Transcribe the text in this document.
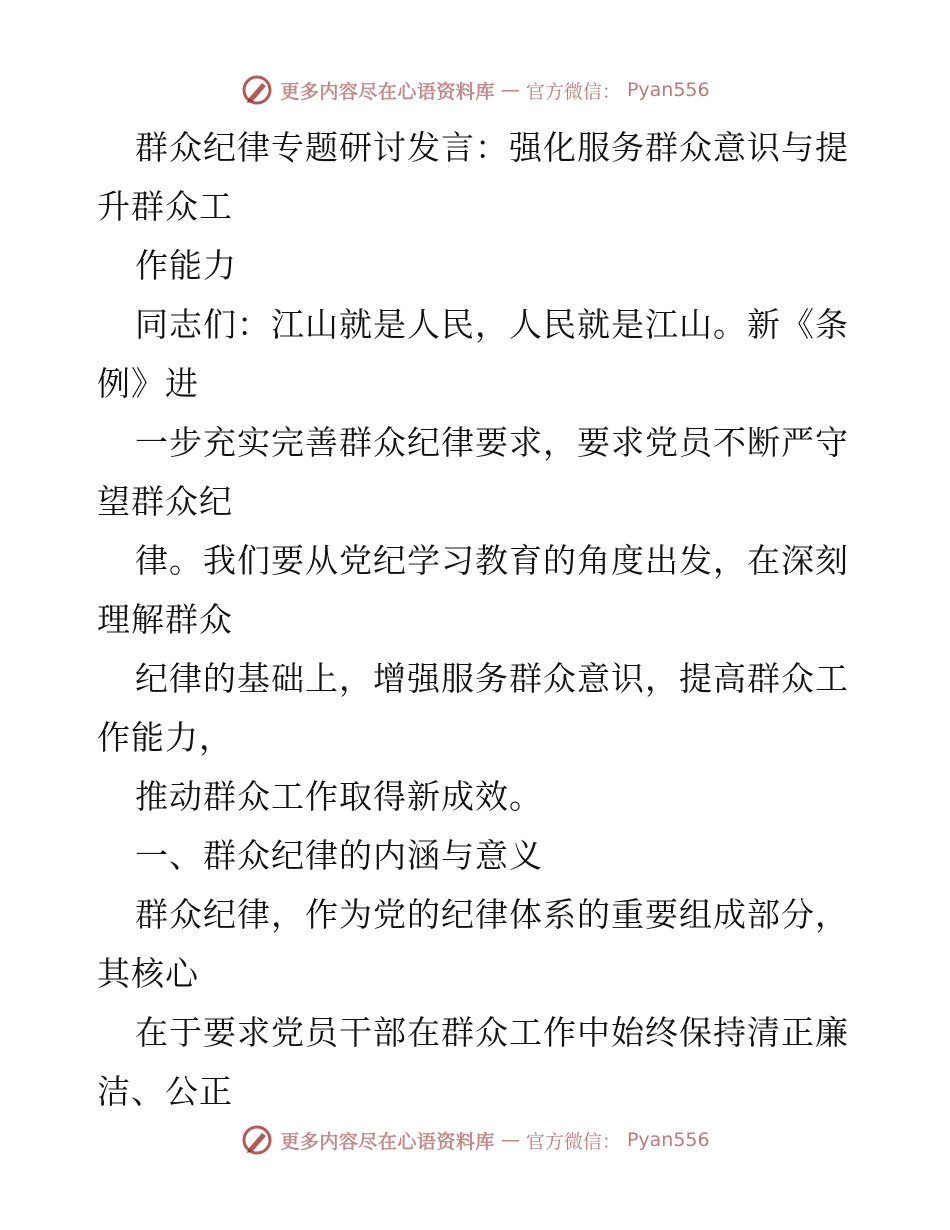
更多内容尽在心语资料库 — 官方微信： Pyan556
群众纪律专题研讨发言：强化服务群众意识与提
升群众工
作能力
同志们：江山就是人民，人民就是江山。新《条
例》进
一步充实完善群众纪律要求，要求党员不断严守
望群众纪
律。我们要从党纪学习教育的角度出发，在深刻
理解群众
纪律的基础上，增强服务群众意识，提高群众工
作能力，
推动群众工作取得新成效。
一、群众纪律的内涵与意义
群众纪律，作为党的纪律体系的重要组成部分，
其核心
在于要求党员干部在群众工作中始终保持清正廉
洁、公正
更多内容尽在心语资料库 — 官方微信： Pyan556
